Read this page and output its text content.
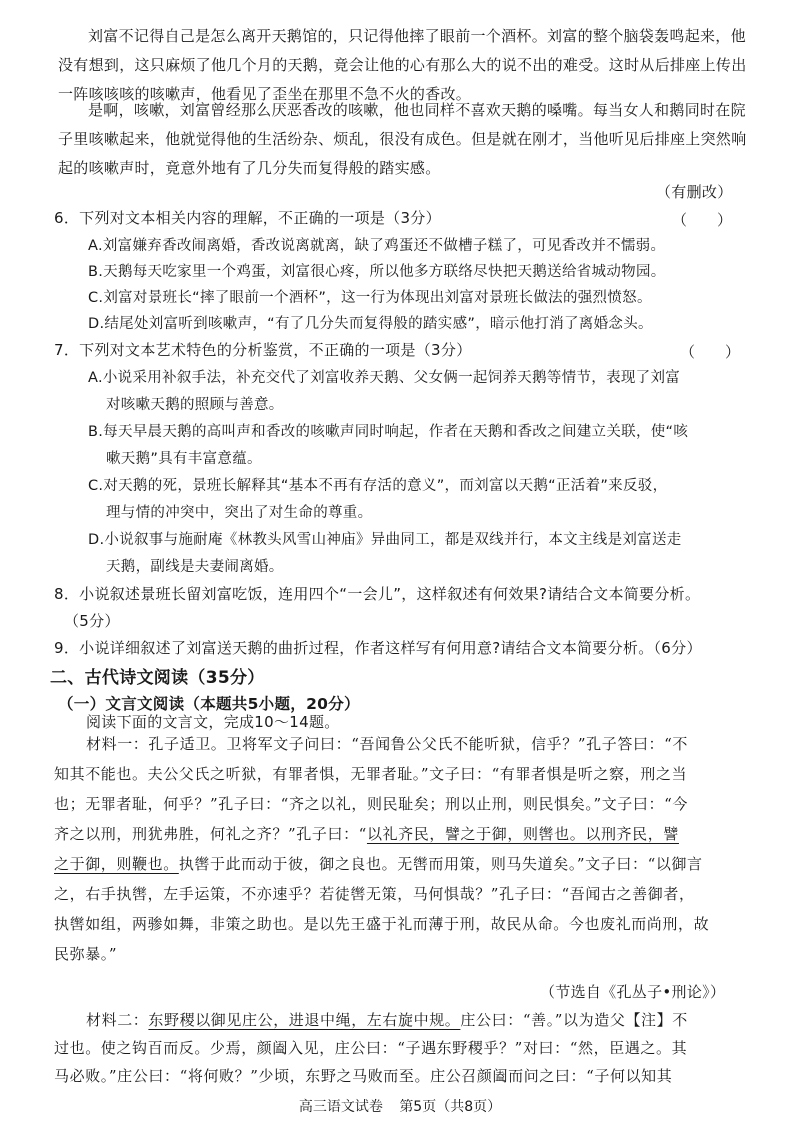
刘富不记得自己是怎么离开天鹅馆的，只记得他摔了眼前一个酒杯。刘富的整个脑袋轰鸣起来，他没有想到，这只麻烦了他几个月的天鹅，竟会让他的心有那么大的说不出的难受。这时从后排座上传出一阵咳咳咳的咳嗽声，他看见了歪坐在那里不急不火的香改。

是啊，咳嗽，刘富曾经那么厌恶香改的咳嗽，他也同样不喜欢天鹅的嗓嘴。每当女人和鹅同时在院子里咳嗽起来，他就觉得他的生活纷杂、烦乱，很没有成色。但是就在刚才，当他听见后排座上突然响起的咳嗽声时，竟意外地有了几分失而复得般的踏实感。

（有删改）

6．下列对文本相关内容的理解，不正确的一项是（3分）	（　　）

A.刘富嫌弃香改闹离婚，香改说离就离，缺了鸡蛋还不做槽子糕了，可见香改并不懦弱。

B.天鹅每天吃家里一个鸡蛋，刘富很心疼，所以他多方联络尽快把天鹅送给省城动物园。

C.刘富对景班长“摔了眼前一个酒杯”，这一行为体现出刘富对景班长做法的强烈愤怒。

D.结尾处刘富听到咳嗽声，“有了几分失而复得般的踏实感”，暗示他打消了离婚念头。

7．下列对文本艺术特色的分析鉴赏，不正确的一项是（3分）	（　　）

A.小说采用补叙手法，补充交代了刘富收养天鹅、父女俩一起饲养天鹅等情节，表现了刘富

对咳嗽天鹅的照顾与善意。

B.每天早晨天鹅的高叫声和香改的咳嗽声同时响起，作者在天鹅和香改之间建立关联，使“咳

嗽天鹅”具有丰富意蕴。

C.对天鹅的死，景班长解释其“基本不再有存活的意义”，而刘富以天鹅“正活着”来反驳，

理与情的冲突中，突出了对生命的尊重。

D.小说叙事与施耐庵《林教头风雪山神庙》异曲同工，都是双线并行，本文主线是刘富送走

天鹅，副线是夫妻闹离婚。

8．小说叙述景班长留刘富吃饭，连用四个“一会儿”，这样叙述有何效果?请结合文本简要分析。

（5分）

9．小说详细叙述了刘富送天鹅的曲折过程，作者这样写有何用意?请结合文本简要分析。（6分）

二、古代诗文阅读（35分）

（一）文言文阅读（本题共5小题，20分）

阅读下面的文言文，完成10～14题。

材料一：孔子适卫。卫将军文子问曰：“吾闻鲁公父氏不能听狱，信乎？”孔子答曰：“不

知其不能也。夫公父氏之听狱，有罪者惧，无罪者耻。”文子曰：“有罪者惧是听之察，刑之当

也；无罪者耻，何乎？”孔子曰：“齐之以礼，则民耻矣；刑以止刑，则民惧矣。”文子曰：“今

齐之以刑，刑犹弗胜，何礼之齐？”孔子曰：“以礼齐民，譬之于御，则辔也。以刑齐民，譬

之于御，则鞭也。执辔于此而动于彼，御之良也。无辔而用策，则马失道矣。”文子曰：“以御言

之，右手执辔，左手运策，不亦速乎？若徒辔无策，马何惧哉？”孔子曰：“吾闻古之善御者，

执辔如组，两骖如舞，非策之助也。是以先王盛于礼而薄于刑，故民从命。今也废礼而尚刑，故

民弥暴。”

（节选自《孔丛子•刑论》）

材料二：东野稷以御见庄公，进退中绳，左右旋中规。庄公曰：“善。”以为造父【注】不

过也。使之钩百而反。少焉，颜阖入见，庄公曰：“子遇东野稷乎？”对曰：“然，臣遇之。其

马必败。”庄公曰：“将何败？”少顷，东野之马败而至。庄公召颜阖而问之曰：“子何以知其

高三语文试卷 第5页（共8页）
